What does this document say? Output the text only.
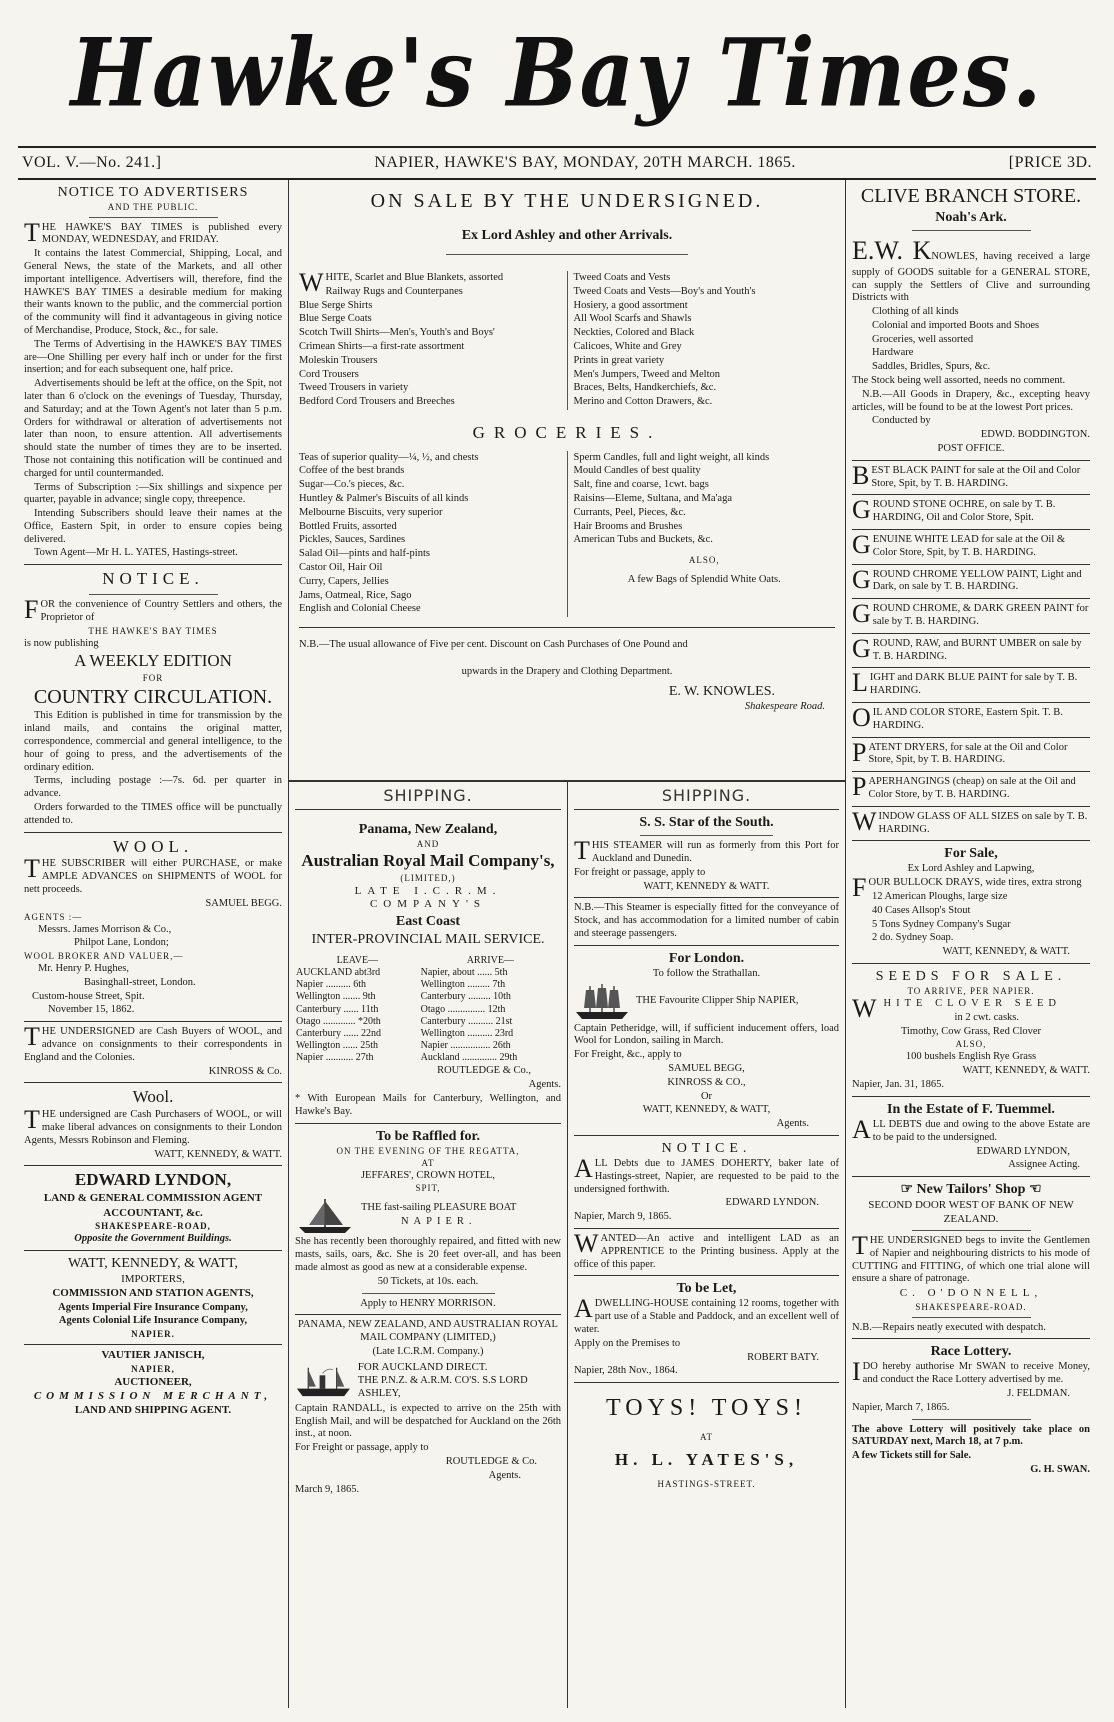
Hawke's Bay Times.
VOL. V.—No. 241.]	NAPIER, HAWKE'S BAY, MONDAY, 20TH MARCH. 1865.	[PRICE 3D.

NOTICE TO ADVERTISERS

AND THE PUBLIC.

THE HAWKE'S BAY TIMES is published every MONDAY, WEDNESDAY, and FRIDAY.

It contains the latest Commercial, Shipping, Local, and General News, the state of the Markets, and all other important intelligence. Advertisers will, therefore, find the HAWKE'S BAY TIMES a desirable medium for making their wants known to the public, and the commercial portion of the community will find it advantageous in giving notice of Merchandise, Produce, Stock, &c., for sale.

The Terms of Advertising in the HAWKE'S BAY TIMES are—One Shilling per every half inch or under for the first insertion; and for each subsequent one, half price.

Advertisements should be left at the office, on the Spit, not later than 6 o'clock on the evenings of Tuesday, Thursday, and Saturday; and at the Town Agent's not later than 5 p.m. Orders for withdrawal or alteration of advertisements not later than noon, to ensure attention. All advertisements should state the number of times they are to be inserted. Those not containing this notification will be continued and charged for until countermanded.

Terms of Subscription :—Six shillings and sixpence per quarter, payable in advance; single copy, threepence.

Intending Subscribers should leave their names at the Office, Eastern Spit, in order to ensure copies being delivered.

Town Agent—Mr H. L. YATES, Hastings-street.

NOTICE.

FOR the convenience of Country Settlers and others, the Proprietor of

THE HAWKE'S BAY TIMES

is now publishing

A WEEKLY EDITION

FOR

COUNTRY CIRCULATION.

This Edition is published in time for transmission by the inland mails, and contains the original matter, correspondence, commercial and general intelligence, to the hour of going to press, and the advertisements of the ordinary edition.

Terms, including postage :—7s. 6d. per quarter in advance.

Orders forwarded to the TIMES office will be punctually attended to.

WOOL.

THE SUBSCRIBER will either PURCHASE, or make AMPLE ADVANCES on SHIPMENTS of WOOL for nett proceeds.

SAMUEL BEGG.

AGENTS :—

Messrs. James Morrison & Co.,

Philpot Lane, London;

WOOL BROKER AND VALUER,—

Mr. Henry P. Hughes,

Basinghall-street, London.

Custom-house Street, Spit.

November 15, 1862.

THE UNDERSIGNED are Cash Buyers of WOOL, and advance on consignments to their correspondents in England and the Colonies.

KINROSS & Co.

Wool.

THE undersigned are Cash Purchasers of WOOL, or will make liberal advances on consignments to their London Agents, Messrs Robinson and Fleming.

WATT, KENNEDY, & WATT.

EDWARD LYNDON,

LAND & GENERAL COMMISSION AGENT

ACCOUNTANT, &c.

SHAKESPEARE-ROAD,

Opposite the Government Buildings.

WATT, KENNEDY, & WATT,

IMPORTERS,

COMMISSION AND STATION AGENTS,

Agents Imperial Fire Insurance Company,

Agents Colonial Life Insurance Company,

NAPIER.

VAUTIER JANISCH,

NAPIER,

AUCTIONEER,

COMMISSION MERCHANT,

LAND AND SHIPPING AGENT.

ON SALE BY THE UNDERSIGNED.

Ex Lord Ashley and other Arrivals.

WHITE, Scarlet and Blue Blankets, assorted

Railway Rugs and Counterpanes

Blue Serge Shirts

Blue Serge Coats

Scotch Twill Shirts—Men's, Youth's and Boys'

Crimean Shirts—a first-rate assortment

Moleskin Trousers

Cord Trousers

Tweed Trousers in variety

Bedford Cord Trousers and Breeches

Tweed Coats and Vests

Tweed Coats and Vests—Boy's and Youth's

Hosiery, a good assortment

All Wool Scarfs and Shawls

Neckties, Colored and Black

Calicoes, White and Grey

Prints in great variety

Men's Jumpers, Tweed and Melton

Braces, Belts, Handkerchiefs, &c.

Merino and Cotton Drawers, &c.

GROCERIES.

Teas of superior quality—¼, ½, and chests

Coffee of the best brands

Sugar—Co.'s pieces, &c.

Huntley & Palmer's Biscuits of all kinds

Melbourne Biscuits, very superior

Bottled Fruits, assorted

Pickles, Sauces, Sardines

Salad Oil—pints and half-pints

Castor Oil, Hair Oil

Curry, Capers, Jellies

Jams, Oatmeal, Rice, Sago

English and Colonial Cheese

Sperm Candles, full and light weight, all kinds

Mould Candles of best quality

Salt, fine and coarse, 1cwt. bags

Raisins—Eleme, Sultana, and Ma'aga

Currants, Peel, Pieces, &c.

Hair Brooms and Brushes

American Tubs and Buckets, &c.

ALSO,

A few Bags of Splendid White Oats.

N.B.—The usual allowance of Five per cent. Discount on Cash Purchases of One Pound and

upwards in the Drapery and Clothing Department.

E. W. KNOWLES.

Shakespeare Road.

SHIPPING.

Panama, New Zealand,

AND

Australian Royal Mail Company's,

(LIMITED,)

LATE I.C.R.M. COMPANY'S

East Coast

INTER-PROVINCIAL MAIL SERVICE.

LEAVE—	ARRIVE—
AUCKLAND abt3rd	Napier, about ...... 5th
Napier .......... 6th	Wellington ......... 7th
Wellington ....... 9th	Canterbury ......... 10th
Canterbury ...... 11th	Otago ............... 12th
Otago ............. *20th	Canterbury .......... 21st
Canterbury ...... 22nd	Wellington .......... 23rd
Wellington ...... 25th	Napier ................ 26th
Napier ........... 27th	Auckland .............. 29th

ROUTLEDGE & Co.,

Agents.

* With European Mails for Canterbury, Wellington, and Hawke's Bay.

To be Raffled for.

ON THE EVENING OF THE REGATTA,

AT

JEFFARES', CROWN HOTEL,

SPIT,

THE fast-sailing PLEASURE BOAT

NAPIER.

She has recently been thoroughly repaired, and fitted with new masts, sails, oars, &c. She is 20 feet over-all, and has been made almost as good as new at a considerable expense.

50 Tickets, at 10s. each.

Apply to HENRY MORRISON.

PANAMA, NEW ZEALAND, AND AUSTRALIAN ROYAL MAIL COMPANY (LIMITED,)

(Late I.C.R.M. Company.)

FOR AUCKLAND DIRECT.

THE P.N.Z. & A.R.M. CO'S. S.S LORD ASHLEY,

Captain RANDALL, is expected to arrive on the 25th with English Mail, and will be despatched for Auckland on the 26th inst., at noon.

For Freight or passage, apply to

ROUTLEDGE & Co.

Agents.

March 9, 1865.

SHIPPING.

S. S. Star of the South.

THIS STEAMER will run as formerly from this Port for Auckland and Dunedin.

For freight or passage, apply to

WATT, KENNEDY & WATT.

N.B.—This Steamer is especially fitted for the conveyance of Stock, and has accommodation for a limited number of cabin and steerage passengers.

For London.

To follow the Strathallan.

THE Favourite Clipper Ship NAPIER,

Captain Petheridge, will, if sufficient inducement offers, load Wool for London, sailing in March.

For Freight, &c., apply to

SAMUEL BEGG,

KINROSS & CO.,

Or

WATT, KENNEDY, & WATT,

Agents.

NOTICE.

ALL Debts due to JAMES DOHERTY, baker late of Hastings-street, Napier, are requested to be paid to the undersigned forthwith.

EDWARD LYNDON.

Napier, March 9, 1865.

WANTED—An active and intelligent LAD as an APPRENTICE to the Printing business. Apply at the office of this paper.

To be Let,

ADWELLING-HOUSE containing 12 rooms, together with part use of a Stable and Paddock, and an excellent well of water.

Apply on the Premises to

ROBERT BATY.

Napier, 28th Nov., 1864.

TOYS! TOYS!

AT

H. L. YATES'S,

HASTINGS-STREET.

CLIVE BRANCH STORE.

Noah's Ark.

E.W. KNOWLES, having received a large supply of GOODS suitable for a GENERAL STORE, can supply the Settlers of Clive and surrounding Districts with

Clothing of all kinds

Colonial and imported Boots and Shoes

Groceries, well assorted

Hardware

Saddles, Bridles, Spurs, &c.

The Stock being well assorted, needs no comment.

N.B.—All Goods in Drapery, &c., excepting heavy articles, will be found to be at the lowest Port prices.

Conducted by

EDWD. BODDINGTON.

POST OFFICE.

BEST BLACK PAINT for sale at the Oil and Color Store, Spit, by T. B. HARDING.

GROUND STONE OCHRE, on sale by T. B. HARDING, Oil and Color Store, Spit.

GENUINE WHITE LEAD for sale at the Oil & Color Store, Spit, by T. B. HARDING.

GROUND CHROME YELLOW PAINT, Light and Dark, on sale by T. B. HARDING.

GROUND CHROME, & DARK GREEN PAINT for sale by T. B. HARDING.

GROUND, RAW, and BURNT UMBER on sale by T. B. HARDING.

LIGHT and DARK BLUE PAINT for sale by T. B. HARDING.

OIL AND COLOR STORE, Eastern Spit. T. B. HARDING.

PATENT DRYERS, for sale at the Oil and Color Store, Spit, by T. B. HARDING.

PAPERHANGINGS (cheap) on sale at the Oil and Color Store, by T. B. HARDING.

WINDOW GLASS OF ALL SIZES on sale by T. B. HARDING.

For Sale,

Ex Lord Ashley and Lapwing,

FOUR BULLOCK DRAYS, wide tires, extra strong

12 American Ploughs, large size

40 Cases Allsop's Stout

5 Tons Sydney Company's Sugar

2 do. Sydney Soap.

WATT, KENNEDY, & WATT.

SEEDS FOR SALE.

TO ARRIVE, PER NAPIER.

WHITE CLOVER SEED

in 2 cwt. casks.

Timothy, Cow Grass, Red Clover

ALSO,

100 bushels English Rye Grass

WATT, KENNEDY, & WATT.

Napier, Jan. 31, 1865.

In the Estate of F. Tuemmel.

ALL DEBTS due and owing to the above Estate are to be paid to the undersigned.

EDWARD LYNDON,

Assignee Acting.

☞ New Tailors' Shop ☜

SECOND DOOR WEST OF BANK OF NEW ZEALAND.

THE UNDERSIGNED begs to invite the Gentlemen of Napier and neighbouring districts to his mode of CUTTING and FITTING, of which one trial alone will ensure a share of patronage.

C. O'DONNELL,

SHAKESPEARE-ROAD.

N.B.—Repairs neatly executed with despatch.

Race Lottery.

IDO hereby authorise Mr SWAN to receive Money, and conduct the Race Lottery advertised by me.

J. FELDMAN.

Napier, March 7, 1865.

The above Lottery will positively take place on SATURDAY next, March 18, at 7 p.m.

A few Tickets still for Sale.

G. H. SWAN.
